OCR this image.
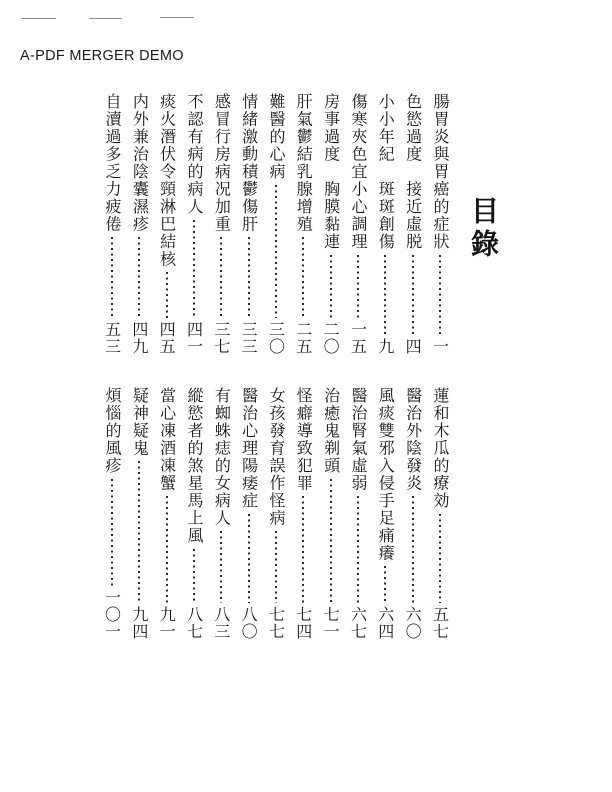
A-PDF MERGER DEMO
目錄
腸胃炎與胃癌的症狀
一
色慾過度　接近虛脱
四
小小年紀　斑斑創傷
九
傷寒夾色宜小心調理
一五
房事過度　胸膜黏連
二〇
肝氣鬱結乳腺增殖
二五
難醫的心病
三〇
情緒激動積鬱傷肝
三三
感冒行房病况加重
三七
不認有病的病人
四一
痰火潛伏令頸淋巴結核
四五
内外兼治陰囊濕疹
四九
自瀆過多乏力疲倦
五三
蓮和木瓜的療効
五七
醫治外陰發炎
六〇
風痰雙邪入侵手足痛癢
六四
醫治腎氣虛弱
六七
治癒鬼剃頭
七一
怪癖導致犯罪
七四
女孩發育誤作怪病
七七
醫治心理陽痿症
八〇
有蜘蛛痣的女病人
八三
縱慾者的煞星馬上風
八七
當心凍酒凍蟹
九一
疑神疑鬼
九四
煩惱的風疹
一〇一
